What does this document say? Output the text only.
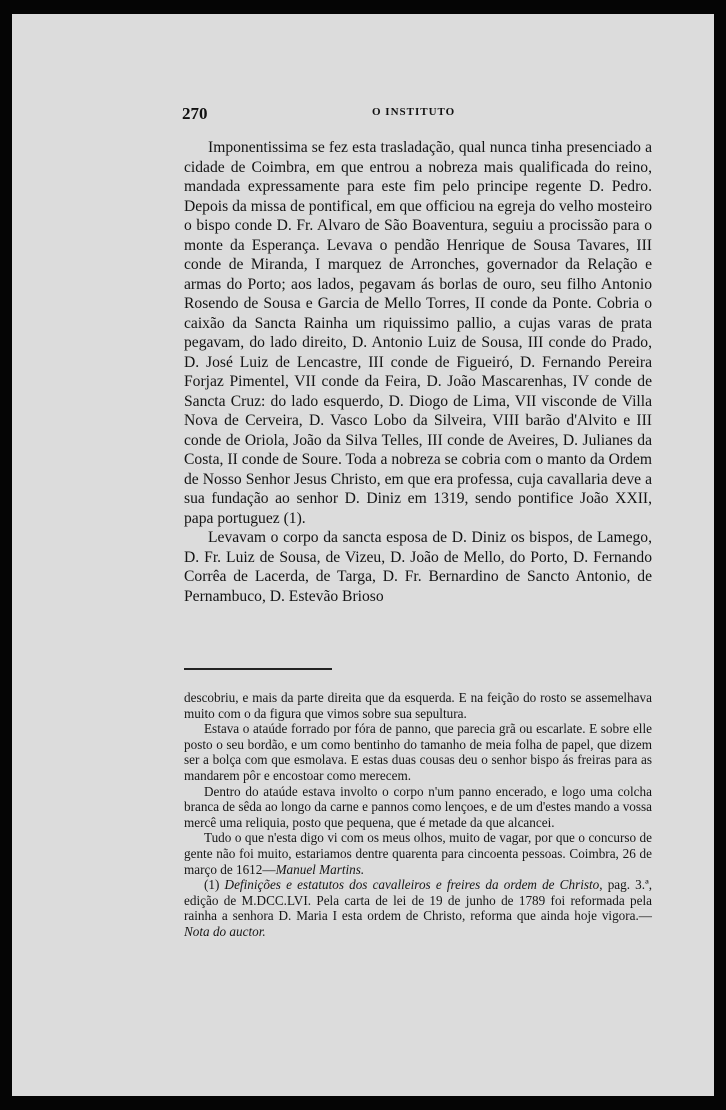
270	O INSTITUTO

Imponentissima se fez esta trasladação, qual nunca tinha presenciado a cidade de Coimbra, em que entrou a nobreza mais qualificada do reino, mandada expressamente para este fim pelo principe regente D. Pedro. Depois da missa de pontifical, em que officiou na egreja do velho mosteiro o bispo conde D. Fr. Alvaro de São Boaventura, seguiu a procissão para o monte da Esperança. Levava o pendão Henrique de Sousa Tavares, III conde de Miranda, I marquez de Arronches, governador da Relação e armas do Porto; aos lados, pegavam ás borlas de ouro, seu filho Antonio Rosendo de Sousa e Garcia de Mello Torres, II conde da Ponte. Cobria o caixão da Sancta Rainha um riquissimo pallio, a cujas varas de prata pegavam, do lado direito, D. Antonio Luiz de Sousa, III conde do Prado, D. José Luiz de Lencastre, III conde de Figueiró, D. Fernando Pereira Forjaz Pimentel, VII conde da Feira, D. João Mascarenhas, IV conde de Sancta Cruz: do lado esquerdo, D. Diogo de Lima, VII visconde de Villa Nova de Cerveira, D. Vasco Lobo da Silveira, VIII barão d'Alvito e III conde de Oriola, João da Silva Telles, III conde de Aveires, D. Julianes da Costa, II conde de Soure. Toda a nobreza se cobria com o manto da Ordem de Nosso Senhor Jesus Christo, em que era professa, cuja cavallaria deve a sua fundação ao senhor D. Diniz em 1319, sendo pontifice João XXII, papa portuguez (1).

Levavam o corpo da sancta esposa de D. Diniz os bispos, de Lamego, D. Fr. Luiz de Sousa, de Vizeu, D. João de Mello, do Porto, D. Fernando Corrêa de Lacerda, de Targa, D. Fr. Bernardino de Sancto Antonio, de Pernambuco, D. Estevão Brioso

descobriu, e mais da parte direita que da esquerda. E na feição do rosto se assemelhava muito com o da figura que vimos sobre sua sepultura.

Estava o ataúde forrado por fóra de panno, que parecia grã ou escarlate. E sobre elle posto o seu bordão, e um como bentinho do tamanho de meia folha de papel, que dizem ser a bolça com que esmolava. E estas duas cousas deu o senhor bispo ás freiras para as mandarem pôr e encostoar como merecem.

Dentro do ataúde estava involto o corpo n'um panno encerado, e logo uma colcha branca de sêda ao longo da carne e pannos como lençoes, e de um d'estes mando a vossa mercê uma reliquia, posto que pequena, que é metade da que alcancei.

Tudo o que n'esta digo vi com os meus olhos, muito de vagar, por que o concurso de gente não foi muito, estariamos dentre quarenta para cincoenta pessoas. Coimbra, 26 de março de 1612—Manuel Martins.

(1) Definições e estatutos dos cavalleiros e freires da ordem de Christo, pag. 3.ª, edição de M.DCC.LVI. Pela carta de lei de 19 de junho de 1789 foi reformada pela rainha a senhora D. Maria I esta ordem de Christo, reforma que ainda hoje vigora.—Nota do auctor.
